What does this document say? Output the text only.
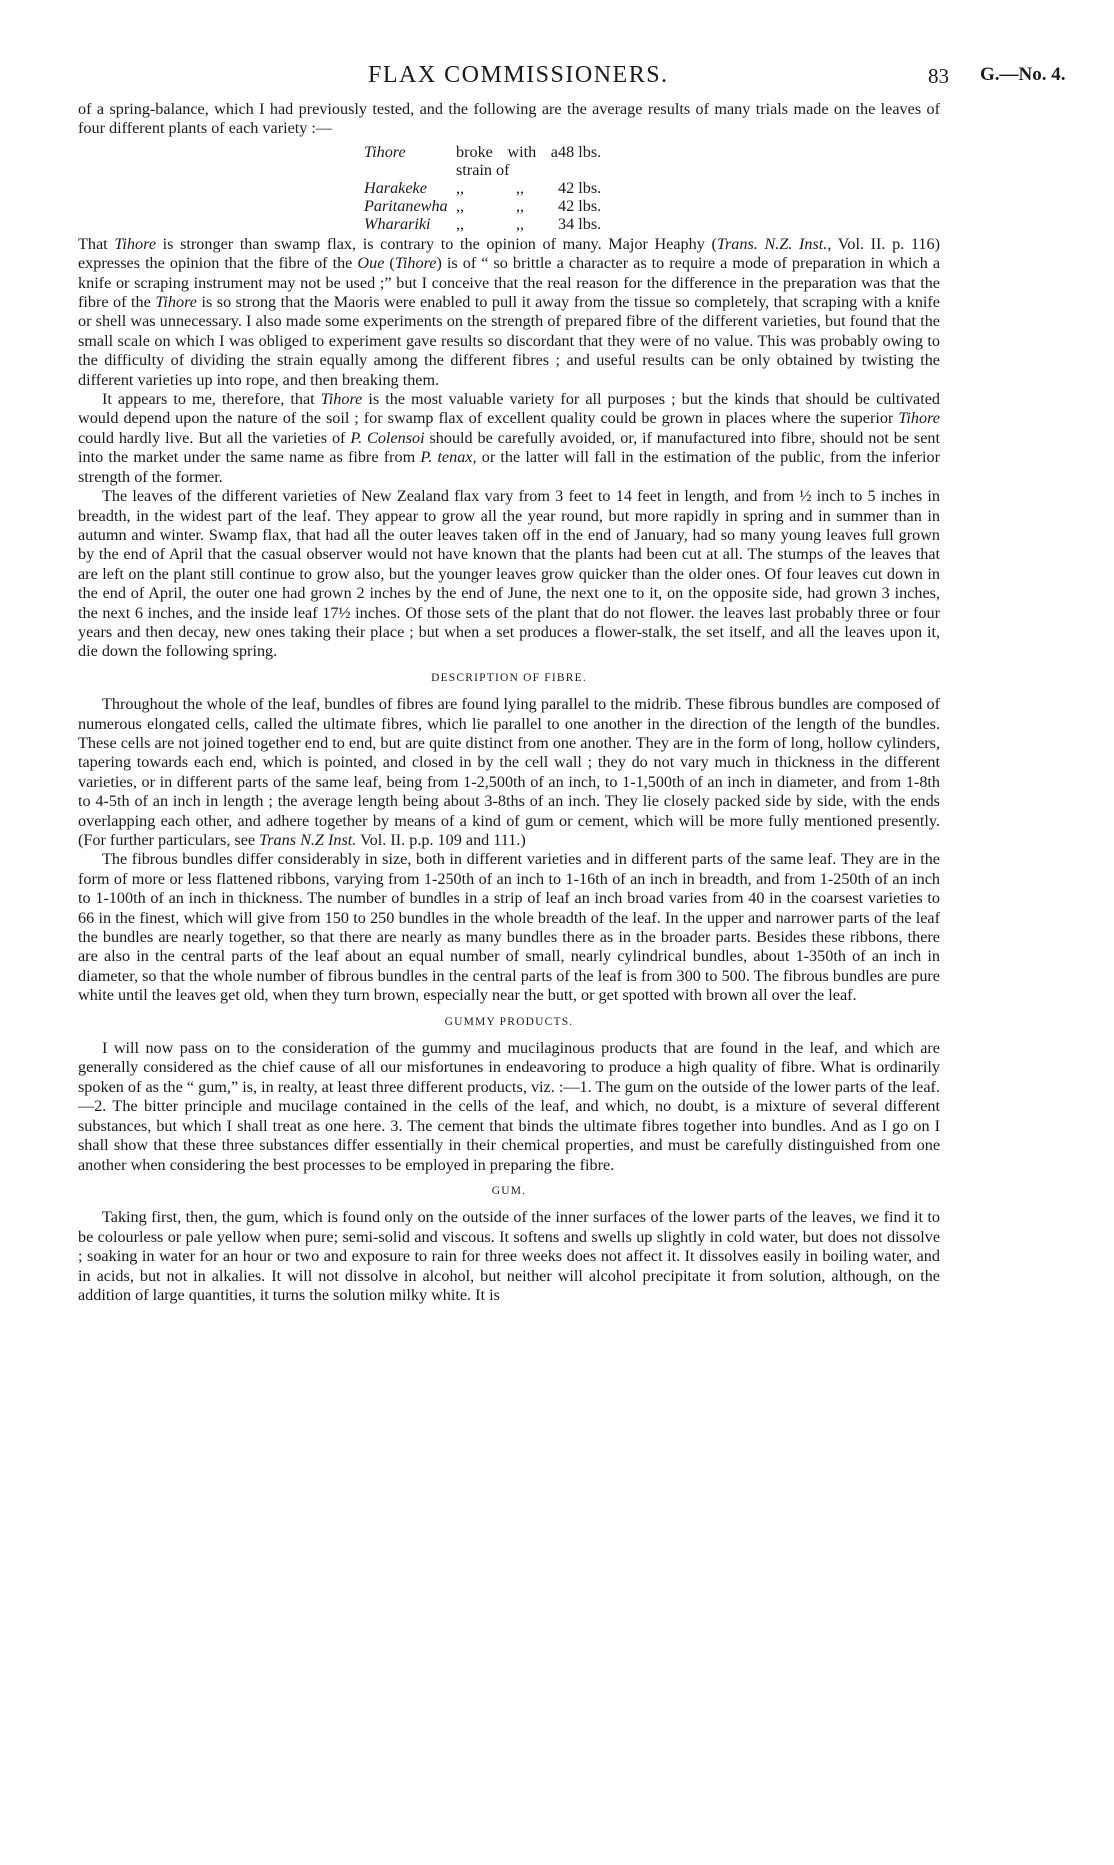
FLAX COMMISSIONERS.	83 G.—No. 4.

of a spring-balance, which I had previously tested, and the following are the average results of many trials made on the leaves of four different plants of each variety :—

Tihore	broke with a strain of		48 lbs.
Harakeke	,,	,,	42 lbs.
Paritanewha	,,	,,	42 lbs.
Wharariki	,,	,,	34 lbs.

That Tihore is stronger than swamp flax, is contrary to the opinion of many. Major Heaphy (Trans. N.Z. Inst., Vol. II. p. 116) expresses the opinion that the fibre of the Oue (Tihore) is of “ so brittle a character as to require a mode of preparation in which a knife or scraping instrument may not be used ;” but I conceive that the real reason for the difference in the preparation was that the fibre of the Tihore is so strong that the Maoris were enabled to pull it away from the tissue so completely, that scraping with a knife or shell was unnecessary. I also made some experiments on the strength of prepared fibre of the different varieties, but found that the small scale on which I was obliged to experiment gave results so discordant that they were of no value. This was probably owing to the difficulty of dividing the strain equally among the different fibres ; and useful results can be only obtained by twisting the different varieties up into rope, and then breaking them.

It appears to me, therefore, that Tihore is the most valuable variety for all purposes ; but the kinds that should be cultivated would depend upon the nature of the soil ; for swamp flax of excellent quality could be grown in places where the superior Tihore could hardly live. But all the varieties of P. Colensoi should be carefully avoided, or, if manufactured into fibre, should not be sent into the market under the same name as fibre from P. tenax, or the latter will fall in the estimation of the public, from the inferior strength of the former.

The leaves of the different varieties of New Zealand flax vary from 3 feet to 14 feet in length, and from ½ inch to 5 inches in breadth, in the widest part of the leaf. They appear to grow all the year round, but more rapidly in spring and in summer than in autumn and winter. Swamp flax, that had all the outer leaves taken off in the end of January, had so many young leaves full grown by the end of April that the casual observer would not have known that the plants had been cut at all. The stumps of the leaves that are left on the plant still continue to grow also, but the younger leaves grow quicker than the older ones. Of four leaves cut down in the end of April, the outer one had grown 2 inches by the end of June, the next one to it, on the opposite side, had grown 3 inches, the next 6 inches, and the inside leaf 17½ inches. Of those sets of the plant that do not flower. the leaves last probably three or four years and then decay, new ones taking their place ; but when a set produces a flower-stalk, the set itself, and all the leaves upon it, die down the following spring.

DESCRIPTION OF FIBRE.

Throughout the whole of the leaf, bundles of fibres are found lying parallel to the midrib. These fibrous bundles are composed of numerous elongated cells, called the ultimate fibres, which lie parallel to one another in the direction of the length of the bundles. These cells are not joined together end to end, but are quite distinct from one another. They are in the form of long, hollow cylinders, tapering towards each end, which is pointed, and closed in by the cell wall ; they do not vary much in thickness in the different varieties, or in different parts of the same leaf, being from 1-2,500th of an inch, to 1-1,500th of an inch in diameter, and from 1-8th to 4-5th of an inch in length ; the average length being about 3-8ths of an inch. They lie closely packed side by side, with the ends overlapping each other, and adhere together by means of a kind of gum or cement, which will be more fully mentioned presently. (For further particulars, see Trans N.Z Inst. Vol. II. p.p. 109 and 111.)

The fibrous bundles differ considerably in size, both in different varieties and in different parts of the same leaf. They are in the form of more or less flattened ribbons, varying from 1-250th of an inch to 1-16th of an inch in breadth, and from 1-250th of an inch to 1-100th of an inch in thickness. The number of bundles in a strip of leaf an inch broad varies from 40 in the coarsest varieties to 66 in the finest, which will give from 150 to 250 bundles in the whole breadth of the leaf. In the upper and narrower parts of the leaf the bundles are nearly together, so that there are nearly as many bundles there as in the broader parts. Besides these ribbons, there are also in the central parts of the leaf about an equal number of small, nearly cylindrical bundles, about 1-350th of an inch in diameter, so that the whole number of fibrous bundles in the central parts of the leaf is from 300 to 500. The fibrous bundles are pure white until the leaves get old, when they turn brown, especially near the butt, or get spotted with brown all over the leaf.

GUMMY PRODUCTS.

I will now pass on to the consideration of the gummy and mucilaginous products that are found in the leaf, and which are generally considered as the chief cause of all our misfortunes in endeavoring to produce a high quality of fibre. What is ordinarily spoken of as the “ gum,” is, in realty, at least three different products, viz. :—1. The gum on the outside of the lower parts of the leaf.—2. The bitter principle and mucilage contained in the cells of the leaf, and which, no doubt, is a mixture of several different substances, but which I shall treat as one here. 3. The cement that binds the ultimate fibres together into bundles. And as I go on I shall show that these three substances differ essentially in their chemical properties, and must be carefully distinguished from one another when considering the best processes to be employed in preparing the fibre.

GUM.

Taking first, then, the gum, which is found only on the outside of the inner surfaces of the lower parts of the leaves, we find it to be colourless or pale yellow when pure; semi-solid and viscous. It softens and swells up slightly in cold water, but does not dissolve ; soaking in water for an hour or two and exposure to rain for three weeks does not affect it. It dissolves easily in boiling water, and in acids, but not in alkalies. It will not dissolve in alcohol, but neither will alcohol precipitate it from solution, although, on the addition of large quantities, it turns the solution milky white. It is
